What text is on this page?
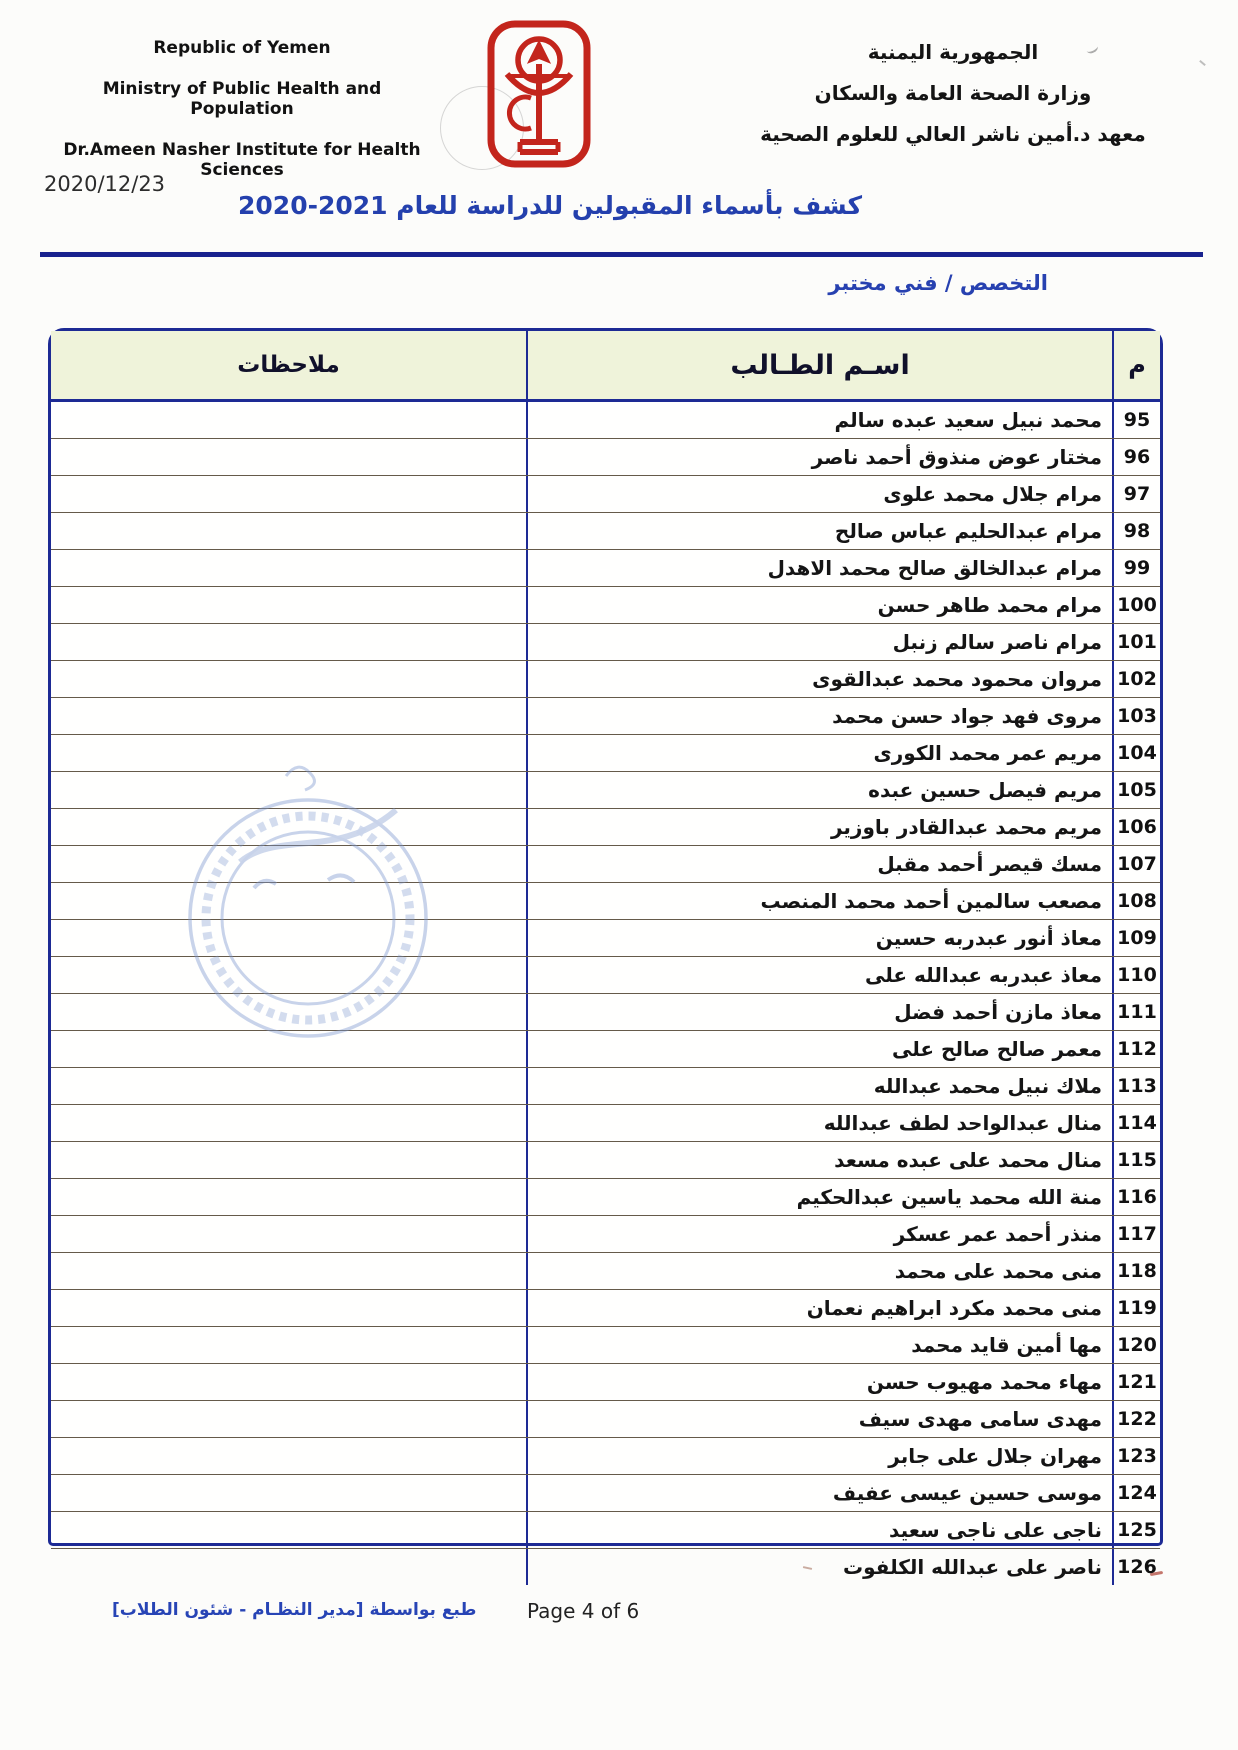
Republic of Yemen

Ministry of Public Health and Population

Dr.Ameen Nasher Institute for Health Sciences

الجمهورية اليمنية

وزارة الصحة العامة والسكان

معهد د.أمين ناشر العالي للعلوم الصحية

2020/12/23
كشف بأسماء المقبولين للدراسة للعام 2021-2020
التخصص / فني مختبر
م
اسـم الطـالب
ملاحظات
95
محمد نبيل سعيد عبده سالم
96
مختار عوض منذوق أحمد ناصر
97
مرام جلال محمد علوى
98
مرام عبدالحليم عباس صالح
99
مرام عبدالخالق صالح محمد الاهدل
100
مرام محمد طاهر حسن
101
مرام ناصر سالم زنبل
102
مروان محمود محمد عبدالقوى
103
مروى فهد جواد حسن محمد
104
مريم عمر محمد الكورى
105
مريم فيصل حسين عبده
106
مريم محمد عبدالقادر باوزير
107
مسك قيصر أحمد مقبل
108
مصعب سالمين أحمد محمد المنصب
109
معاذ أنور عبدربه حسين
110
معاذ عبدربه عبدالله على
111
معاذ مازن أحمد فضل
112
معمر صالح صالح على
113
ملاك نبيل محمد عبدالله
114
منال عبدالواحد لطف عبدالله
115
منال محمد على عبده مسعد
116
منة الله محمد ياسين عبدالحكيم
117
منذر أحمد عمر عسكر
118
منى محمد على محمد
119
منى محمد مكرد ابراهيم نعمان
120
مها أمين قايد محمد
121
مهاء محمد مهيوب حسن
122
مهدى سامى مهدى سيف
123
مهران جلال على جابر
124
موسى حسين عيسى عفيف
125
ناجى على ناجى سعيد
126
ناصر على عبدالله الكلفوت
طبع بواسطة [مدير النظـام - شئون الطلاب]	Page 4 of 6
